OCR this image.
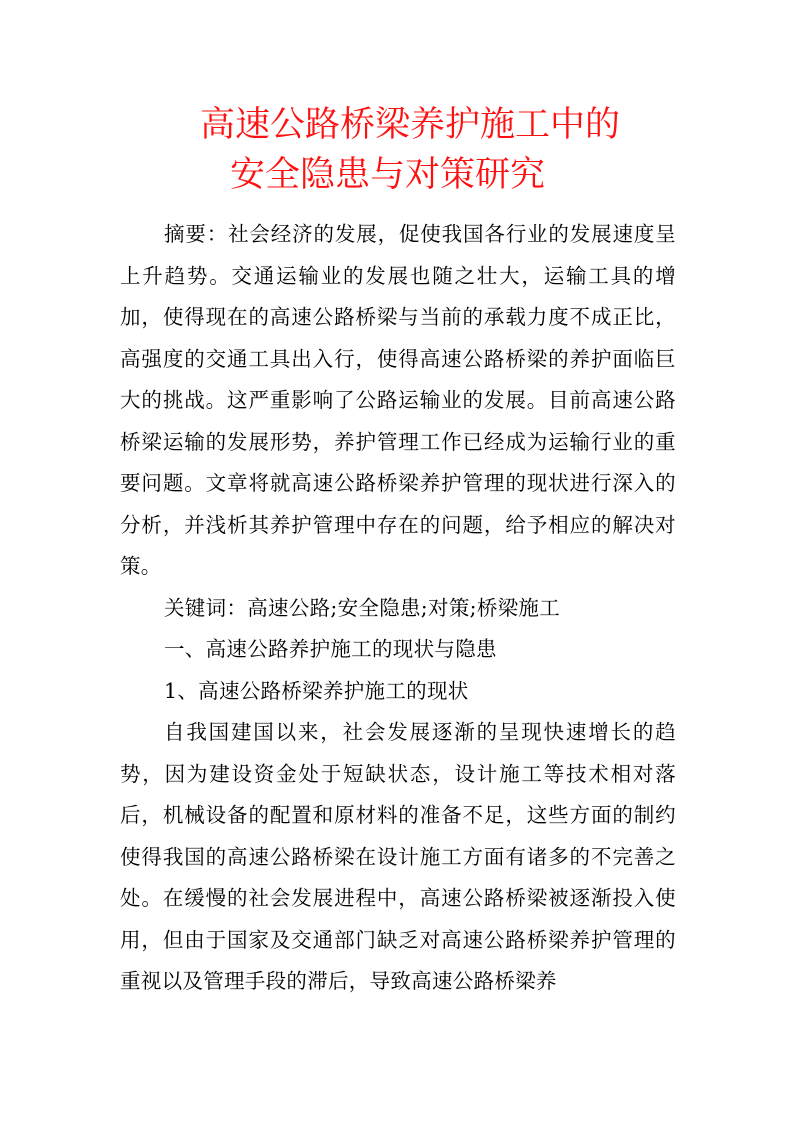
高速公路桥梁养护施工中的
安全隐患与对策研究

摘要：社会经济的发展，促使我国各行业的发展速度呈上升趋势。交通运输业的发展也随之壮大，运输工具的增加，使得现在的高速公路桥梁与当前的承载力度不成正比，高强度的交通工具出入行，使得高速公路桥梁的养护面临巨大的挑战。这严重影响了公路运输业的发展。目前高速公路桥梁运输的发展形势，养护管理工作已经成为运输行业的重要问题。文章将就高速公路桥梁养护管理的现状进行深入的分析，并浅析其养护管理中存在的问题，给予相应的解决对策。

关键词：高速公路;安全隐患;对策;桥梁施工

一、高速公路养护施工的现状与隐患

1、高速公路桥梁养护施工的现状

自我国建国以来，社会发展逐渐的呈现快速增长的趋势，因为建设资金处于短缺状态，设计施工等技术相对落后，机械设备的配置和原材料的准备不足，这些方面的制约使得我国的高速公路桥梁在设计施工方面有诸多的不完善之处。在缓慢的社会发展进程中，高速公路桥梁被逐渐投入使用，但由于国家及交通部门缺乏对高速公路桥梁养护管理的重视以及管理手段的滞后，导致高速公路桥梁养
